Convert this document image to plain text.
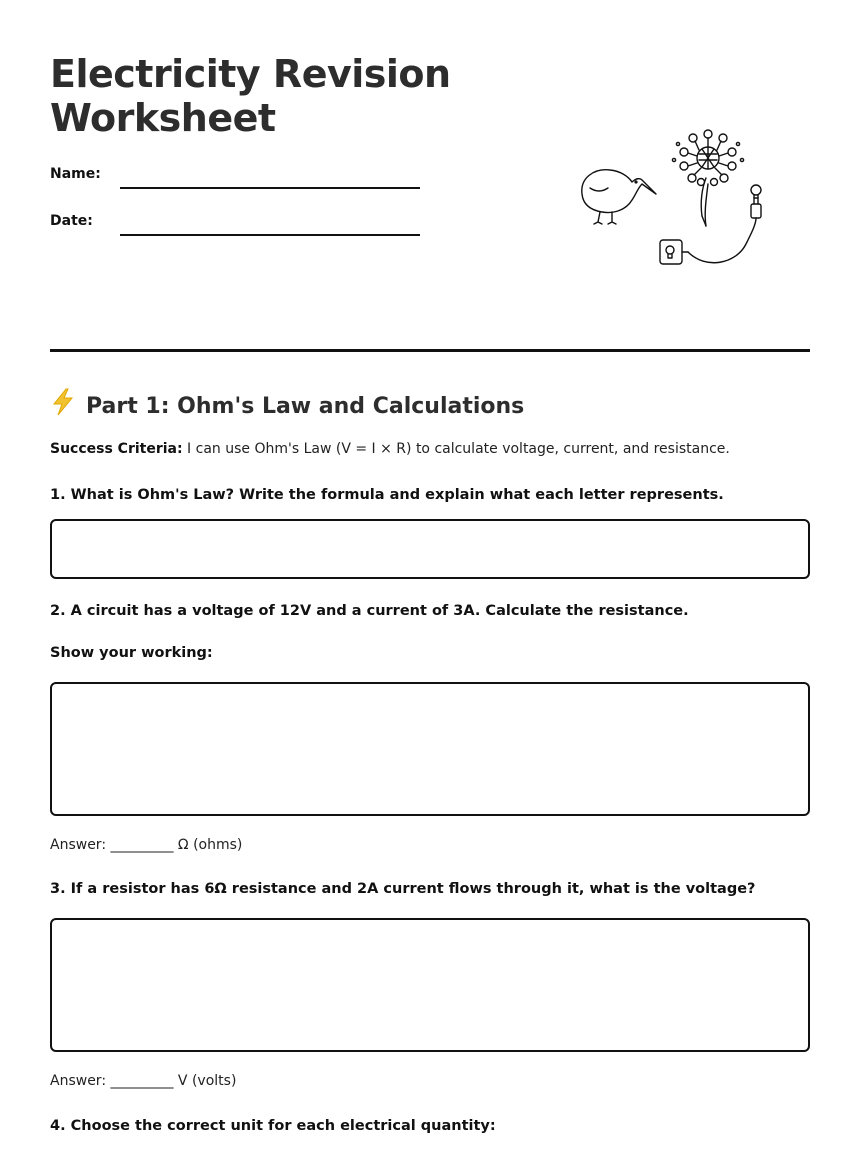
Electricity Revision Worksheet
Name:
Date:
Part 1: Ohm's Law and Calculations

Success Criteria: I can use Ohm's Law (V = I × R) to calculate voltage, current, and resistance.

1. What is Ohm's Law? Write the formula and explain what each letter represents.

2. A circuit has a voltage of 12V and a current of 3A. Calculate the resistance.

Show your working:

Answer: _________ Ω (ohms)

3. If a resistor has 6Ω resistance and 2A current flows through it, what is the voltage?

Answer: _________ V (volts)

4. Choose the correct unit for each electrical quantity:
